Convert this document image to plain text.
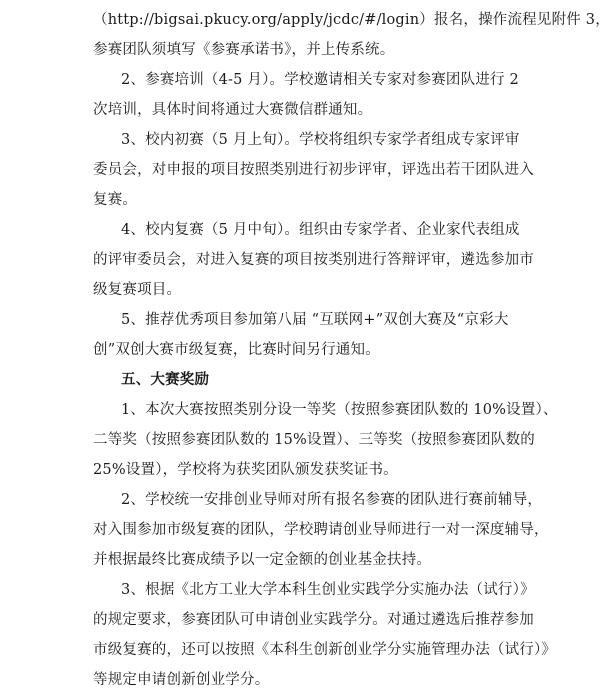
（http://bigsai.pkucy.org/apply/jcdc/#/login）报名，操作流程见附件 3，
参赛团队须填写《参赛承诺书》，并上传系统。
2、参赛培训（4-5 月）。学校邀请相关专家对参赛团队进行 2
次培训，具体时间将通过大赛微信群通知。
3、校内初赛（5 月上旬）。学校将组织专家学者组成专家评审
委员会，对申报的项目按照类别进行初步评审，评选出若干团队进入
复赛。
4、校内复赛（5 月中旬）。组织由专家学者、企业家代表组成
的评审委员会，对进入复赛的项目按类别进行答辩评审，遴选参加市
级复赛项目。
5、推荐优秀项目参加第八届 “互联网+”双创大赛及“京彩大
创”双创大赛市级复赛，比赛时间另行通知。
五、大赛奖励
1、本次大赛按照类别分设一等奖（按照参赛团队数的 10%设置）、
二等奖（按照参赛团队数的 15%设置）、三等奖（按照参赛团队数的
25%设置），学校将为获奖团队颁发获奖证书。
2、学校统一安排创业导师对所有报名参赛的团队进行赛前辅导，
对入围参加市级复赛的团队，学校聘请创业导师进行一对一深度辅导，
并根据最终比赛成绩予以一定金额的创业基金扶持。
3、根据《北方工业大学本科生创业实践学分实施办法（试行）》
的规定要求，参赛团队可申请创业实践学分。对通过遴选后推荐参加
市级复赛的，还可以按照《本科生创新创业学分实施管理办法（试行）》
等规定申请创新创业学分。
